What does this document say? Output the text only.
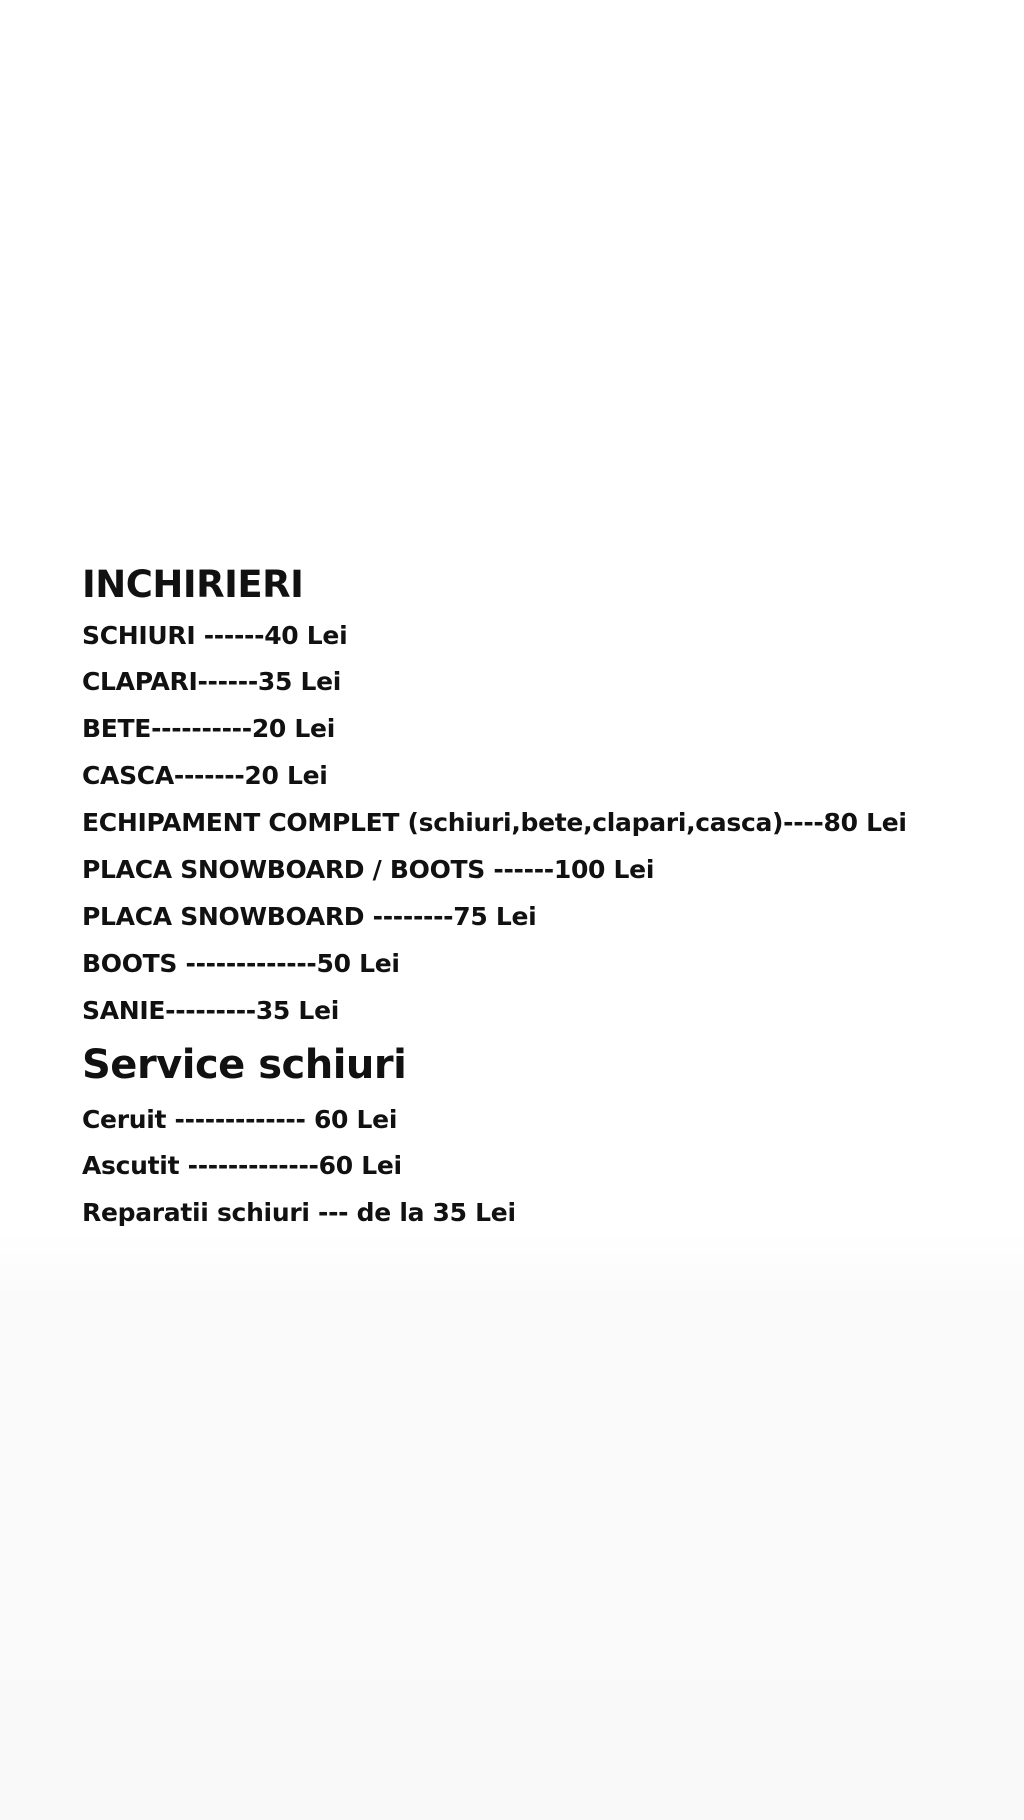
INCHIRIERI
SCHIURI ------40 Lei
CLAPARI------35 Lei
BETE----------20 Lei
CASCA-------20 Lei
ECHIPAMENT COMPLET (schiuri,bete,clapari,casca)----80 Lei
PLACA SNOWBOARD / BOOTS ------100 Lei
PLACA SNOWBOARD --------75 Lei
BOOTS -------------50 Lei
SANIE---------35 Lei
Service schiuri
Ceruit ------------- 60 Lei
Ascutit -------------60 Lei
Reparatii schiuri --- de la 35 Lei
